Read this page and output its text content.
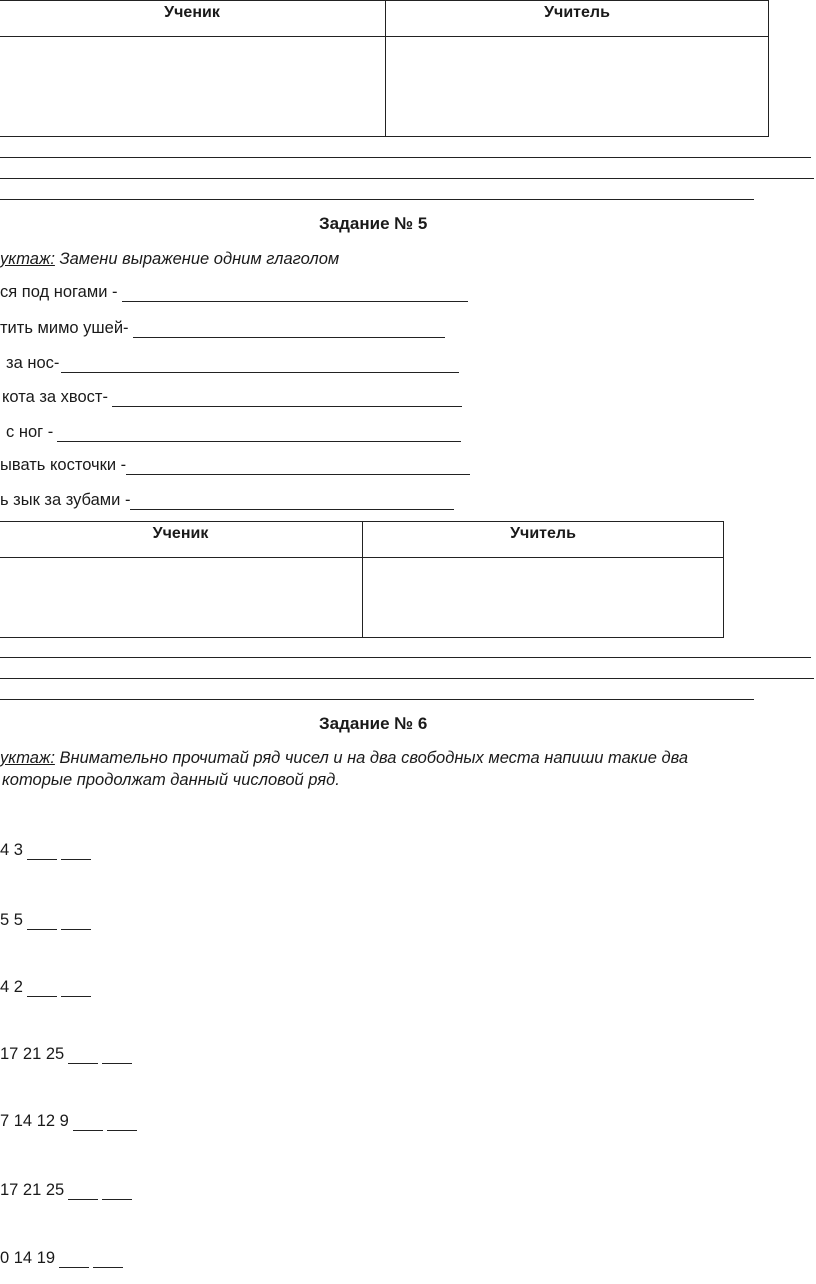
Ученик	Учитель

Задание № 5
уктаж: Замени выражение одним глаголом
ся под ногами -
тить мимо ушей-
за нос-
кота за хвост-
с ног -
ывать косточки -
ь зык за зубами -
Ученик	Учитель

Задание № 6
уктаж: Внимательно прочитай ряд чисел и на два свободных места напиши такие два
которые продолжат данный числовой ряд.
4 3
5 5
4 2
17 21 25
7 14 12 9
17 21 25
0 14 19
